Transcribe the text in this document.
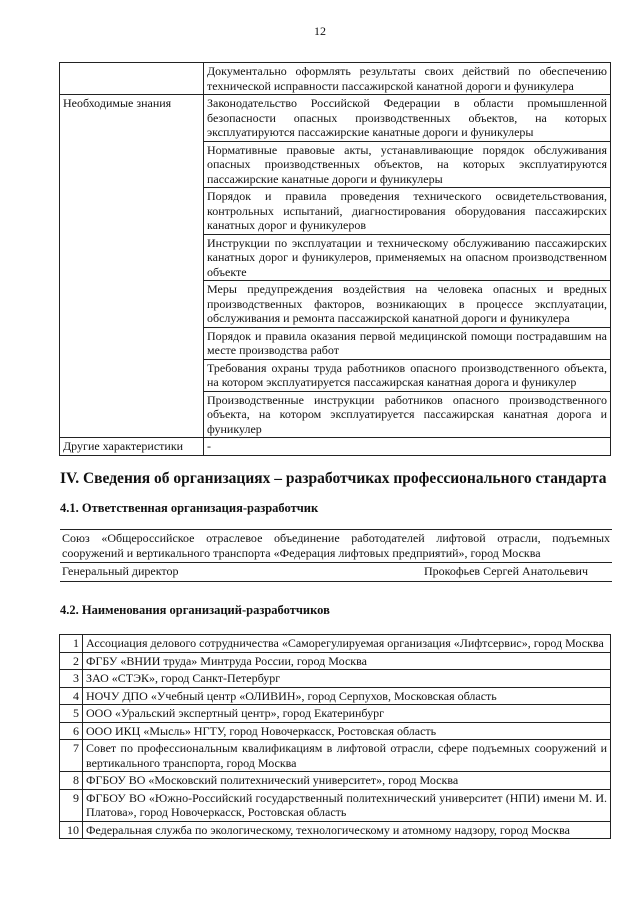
12
	Документально оформлять результаты своих действий по обеспечению технической исправности пассажирской канатной дороги и фуникулера
Необходимые знания	Законодательство Российской Федерации в области промышленной безопасности опасных производственных объектов, на которых эксплуатируются пассажирские канатные дороги и фуникулеры
	Нормативные правовые акты, устанавливающие порядок обслуживания опасных производственных объектов, на которых эксплуатируются пассажирские канатные дороги и фуникулеры
	Порядок и правила проведения технического освидетельствования, контрольных испытаний, диагностирования оборудования пассажирских канатных дорог и фуникулеров
	Инструкции по эксплуатации и техническому обслуживанию пассажирских канатных дорог и фуникулеров, применяемых на опасном производственном объекте
	Меры предупреждения воздействия на человека опасных и вредных производственных факторов, возникающих в процессе эксплуатации, обслуживания и ремонта пассажирской канатной дороги и фуникулера
	Порядок и правила оказания первой медицинской помощи пострадавшим на месте производства работ
	Требования охраны труда работников опасного производственного объекта, на котором эксплуатируется пассажирская канатная дорога и фуникулер
	Производственные инструкции работников опасного производственного объекта, на котором эксплуатируется пассажирская канатная дорога и фуникулер
Другие характеристики	-
IV. Сведения об организациях – разработчиках профессионального стандарта
4.1. Ответственная организация-разработчик
Союз «Общероссийское отраслевое объединение работодателей лифтовой отрасли, подъемных сооружений и вертикального транспорта «Федерация лифтовых предприятий», город Москва
Генеральный директор	Прокофьев Сергей Анатольевич
4.2. Наименования организаций-разработчиков
1	Ассоциация делового сотрудничества «Саморегулируемая организация «Лифтсервис», город Москва
2	ФГБУ «ВНИИ труда» Минтруда России, город Москва
3	ЗАО «СТЭК», город Санкт-Петербург
4	НОЧУ ДПО «Учебный центр «ОЛИВИН», город Серпухов, Московская область
5	ООО «Уральский экспертный центр», город Екатеринбург
6	ООО ИКЦ «Мысль» НГТУ, город Новочеркасск, Ростовская область
7	Совет по профессиональным квалификациям в лифтовой отрасли, сфере подъемных сооружений и вертикального транспорта, город Москва
8	ФГБОУ ВО «Московский политехнический университет», город Москва
9	ФГБОУ ВО «Южно-Российский государственный политехнический университет (НПИ) имени М. И. Платова», город Новочеркасск, Ростовская область
10	Федеральная служба по экологическому, технологическому и атомному надзору, город Москва
